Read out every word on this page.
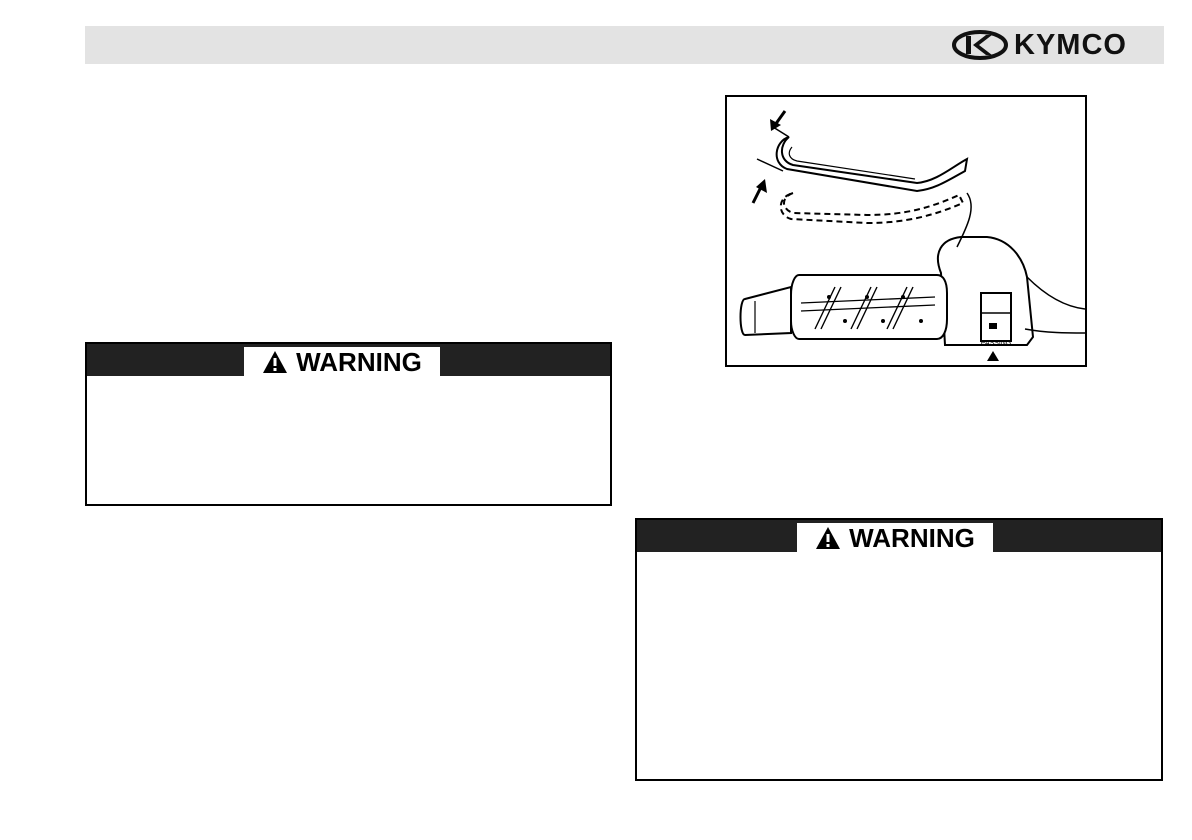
KYMCO
PASSING
WARNING
WARNING
